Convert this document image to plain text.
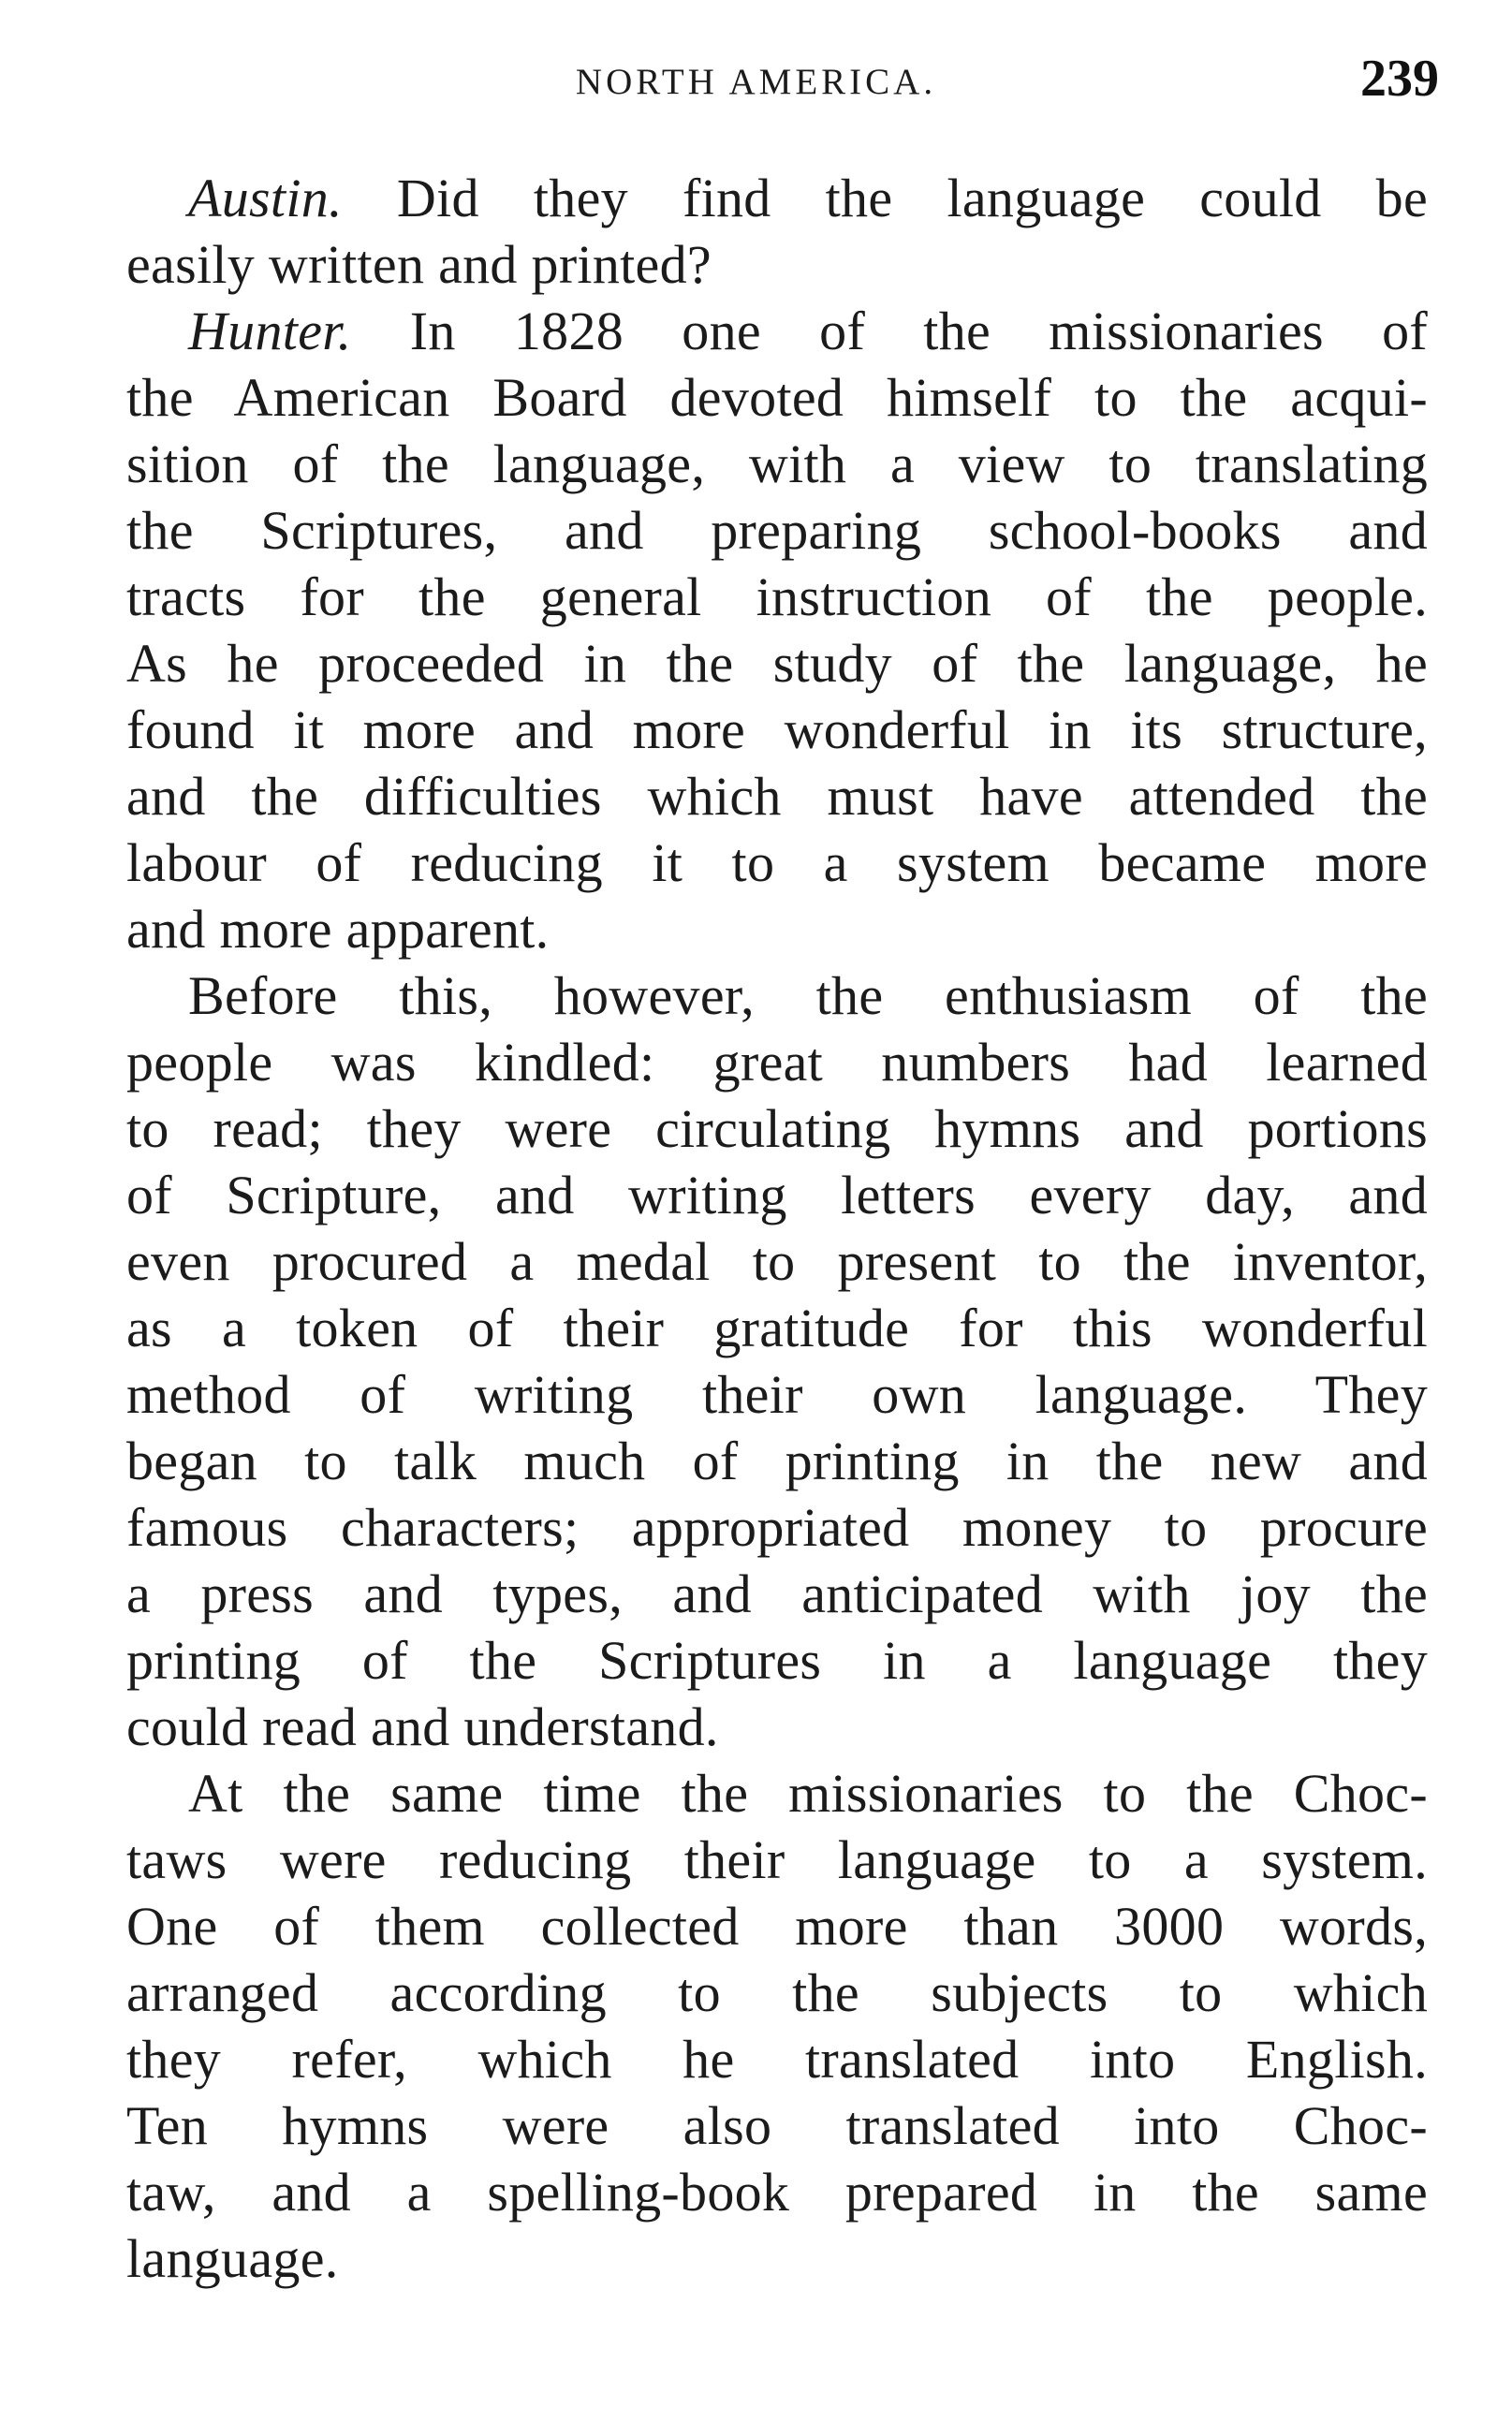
NORTH AMERICA.	239
Austin. Did they find the language could be
easily written and printed?
Hunter. In 1828 one of the missionaries of
the American Board devoted himself to the acqui-
sition of the language, with a view to translating
the Scriptures, and preparing school-books and
tracts for the general instruction of the people.
As he proceeded in the study of the language, he
found it more and more wonderful in its structure,
and the difficulties which must have attended the
labour of reducing it to a system became more
and more apparent.
Before this, however, the enthusiasm of the
people was kindled: great numbers had learned
to read; they were circulating hymns and portions
of Scripture, and writing letters every day, and
even procured a medal to present to the inventor,
as a token of their gratitude for this wonderful
method of writing their own language. They
began to talk much of printing in the new and
famous characters; appropriated money to procure
a press and types, and anticipated with joy the
printing of the Scriptures in a language they
could read and understand.
At the same time the missionaries to the Choc-
taws were reducing their language to a system.
One of them collected more than 3000 words,
arranged according to the subjects to which
they refer, which he translated into English.
Ten hymns were also translated into Choc-
taw, and a spelling-book prepared in the same
language.
